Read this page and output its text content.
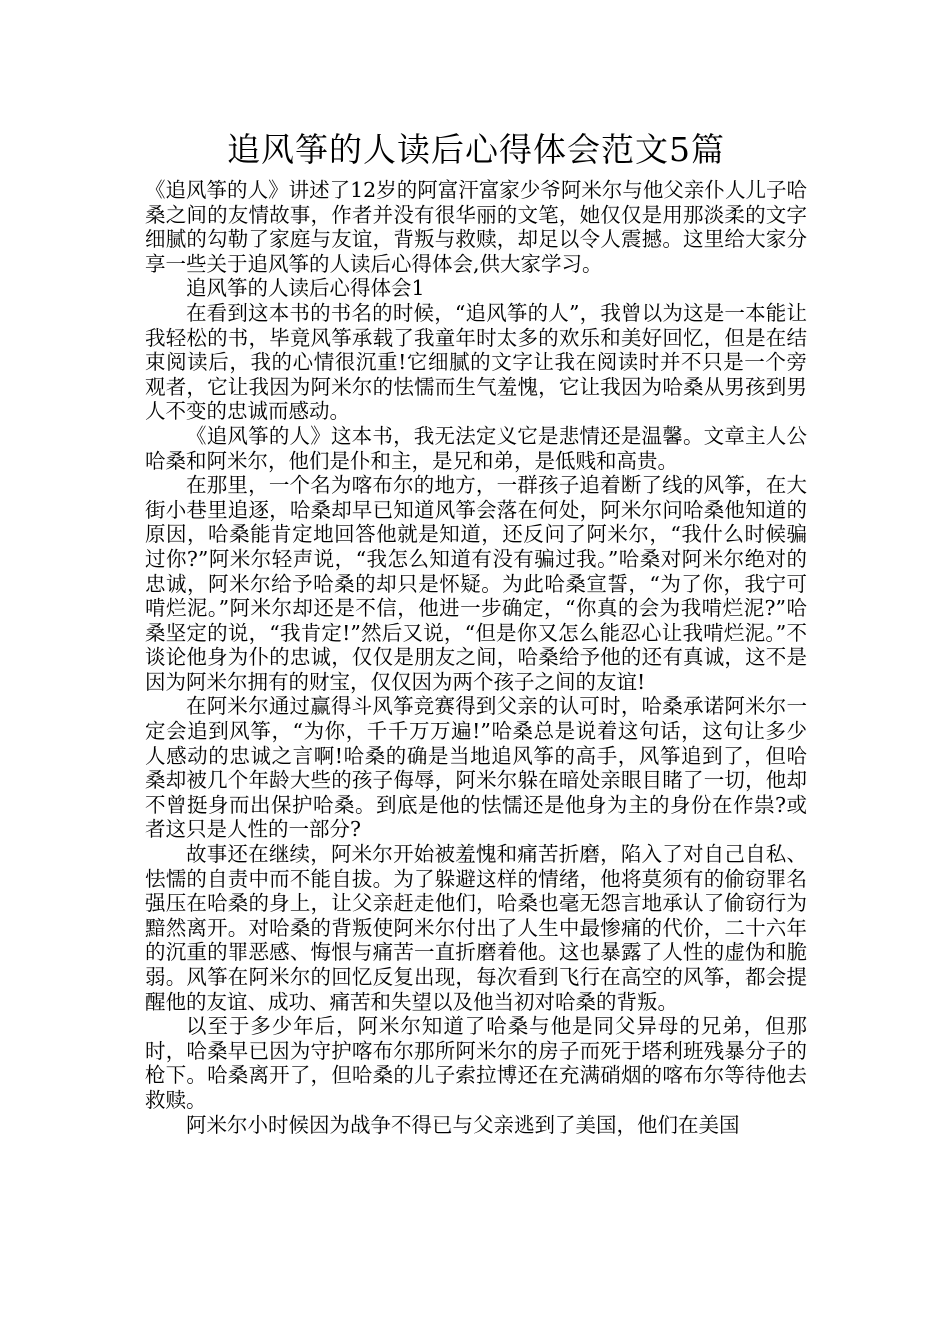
追风筝的人读后心得体会范文5篇

《追风筝的人》讲述了12岁的阿富汗富家少爷阿米尔与他父亲仆人儿子哈桑之间的友情故事，作者并没有很华丽的文笔，她仅仅是用那淡柔的文字细腻的勾勒了家庭与友谊，背叛与救赎，却足以令人震撼。这里给大家分享一些关于追风筝的人读后心得体会,供大家学习。

追风筝的人读后心得体会1

在看到这本书的书名的时候，“追风筝的人”，我曾以为这是一本能让我轻松的书，毕竟风筝承载了我童年时太多的欢乐和美好回忆，但是在结束阅读后，我的心情很沉重!它细腻的文字让我在阅读时并不只是一个旁观者，它让我因为阿米尔的怯懦而生气羞愧，它让我因为哈桑从男孩到男人不变的忠诚而感动。

《追风筝的人》这本书，我无法定义它是悲情还是温馨。文章主人公哈桑和阿米尔，他们是仆和主，是兄和弟，是低贱和高贵。

在那里，一个名为喀布尔的地方，一群孩子追着断了线的风筝，在大街小巷里追逐，哈桑却早已知道风筝会落在何处，阿米尔问哈桑他知道的原因，哈桑能肯定地回答他就是知道，还反问了阿米尔，“我什么时候骗过你?”阿米尔轻声说，“我怎么知道有没有骗过我。”哈桑对阿米尔绝对的忠诚，阿米尔给予哈桑的却只是怀疑。为此哈桑宣誓，“为了你，我宁可啃烂泥。”阿米尔却还是不信，他进一步确定，“你真的会为我啃烂泥?”哈桑坚定的说，“我肯定!”然后又说，“但是你又怎么能忍心让我啃烂泥。”不谈论他身为仆的忠诚，仅仅是朋友之间，哈桑给予他的还有真诚，这不是因为阿米尔拥有的财宝，仅仅因为两个孩子之间的友谊!

在阿米尔通过赢得斗风筝竞赛得到父亲的认可时，哈桑承诺阿米尔一定会追到风筝，“为你，千千万万遍!”哈桑总是说着这句话，这句让多少人感动的忠诚之言啊!哈桑的确是当地追风筝的高手，风筝追到了，但哈桑却被几个年龄大些的孩子侮辱，阿米尔躲在暗处亲眼目睹了一切，他却不曾挺身而出保护哈桑。到底是他的怯懦还是他身为主的身份在作祟?或者这只是人性的一部分?

故事还在继续，阿米尔开始被羞愧和痛苦折磨，陷入了对自己自私、怯懦的自责中而不能自拔。为了躲避这样的情绪，他将莫须有的偷窃罪名强压在哈桑的身上，让父亲赶走他们，哈桑也毫无怨言地承认了偷窃行为黯然离开。对哈桑的背叛使阿米尔付出了人生中最惨痛的代价，二十六年的沉重的罪恶感、悔恨与痛苦一直折磨着他。这也暴露了人性的虚伪和脆弱。风筝在阿米尔的回忆反复出现，每次看到飞行在高空的风筝，都会提醒他的友谊、成功、痛苦和失望以及他当初对哈桑的背叛。

以至于多少年后，阿米尔知道了哈桑与他是同父异母的兄弟，但那时，哈桑早已因为守护喀布尔那所阿米尔的房子而死于塔利班残暴分子的枪下。哈桑离开了，但哈桑的儿子索拉博还在充满硝烟的喀布尔等待他去救赎。

阿米尔小时候因为战争不得已与父亲逃到了美国，他们在美国
